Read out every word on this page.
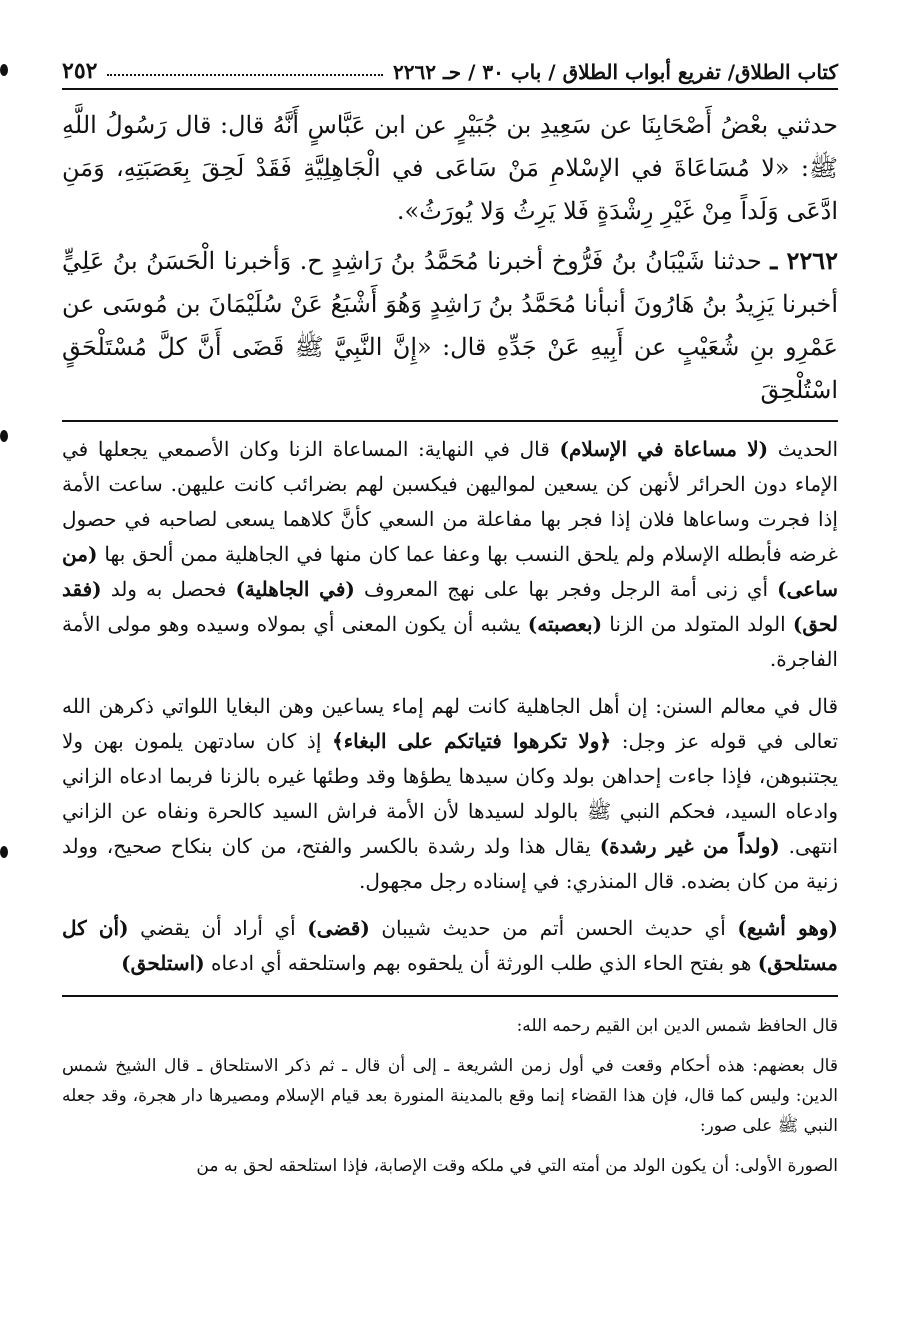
كتاب الطلاق/ تفريع أبواب الطلاق / باب ٣٠ / حـ ٢٢٦٢
٢٥٢

حدثني بعْضُ أَصْحَابِنَا عن سَعِيدِ بن جُبَيْرٍ عن ابن عَبَّاسٍ أَنَّهُ قال: قال رَسُولُ اللَّهِ ﷺ: «لا مُسَاعَاةَ في الإسْلامِ مَنْ سَاعَى في الْجَاهِلِيَّةِ فَقَدْ لَحِقَ بِعَصَبَتِهِ، وَمَنِ ادَّعَى وَلَداً مِنْ غَيْرِ رِشْدَةٍ فَلا يَرِثُ وَلا يُورَثُ».

٢٢٦٢ ـ حدثنا شَيْبَانُ بنُ فَرُّوخ أخبرنا مُحَمَّدُ بنُ رَاشِدٍ ح. وَأخبرنا الْحَسَنُ بنُ عَلِيٍّ أخبرنا يَزِيدُ بنُ هَارُونَ أنبأنا مُحَمَّدُ بنُ رَاشِدٍ وَهُوَ أَشْبَعُ عَنْ سُلَيْمَانَ بن مُوسَى عن عَمْرِو بنِ شُعَيْبٍ عن أَبِيهِ عَنْ جَدِّهِ قال: «إِنَّ النَّبِيَّ ﷺ قَضَى أَنَّ كلَّ مُسْتَلْحَقٍ اسْتُلْحِقَ

الحديث (لا مساعاة في الإسلام) قال في النهاية: المساعاة الزنا وكان الأصمعي يجعلها في الإماء دون الحرائر لأنهن كن يسعين لمواليهن فيكسبن لهم بضرائب كانت عليهن. ساعت الأمة إذا فجرت وساعاها فلان إذا فجر بها مفاعلة من السعي كأنَّ كلاهما يسعى لصاحبه في حصول غرضه فأبطله الإسلام ولم يلحق النسب بها وعفا عما كان منها في الجاهلية ممن ألحق بها (من ساعى) أي زنى أمة الرجل وفجر بها على نهج المعروف (في الجاهلية) فحصل به ولد (فقد لحق) الولد المتولد من الزنا (بعصبته) يشبه أن يكون المعنى أي بمولاه وسيده وهو مولى الأمة الفاجرة.

قال في معالم السنن: إن أهل الجاهلية كانت لهم إماء يساعين وهن البغايا اللواتي ذكرهن الله تعالى في قوله عز وجل: ﴿ولا تكرهوا فتياتكم على البغاء﴾ إذ كان سادتهن يلمون بهن ولا يجتنبوهن، فإذا جاءت إحداهن بولد وكان سيدها يطؤها وقد وطئها غيره بالزنا فربما ادعاه الزاني وادعاه السيد، فحكم النبي ﷺ بالولد لسيدها لأن الأمة فراش السيد كالحرة ونفاه عن الزاني انتهى. (ولداً من غير رشدة) يقال هذا ولد رشدة بالكسر والفتح، من كان بنكاح صحيح، وولد زنية من كان بضده. قال المنذري: في إسناده رجل مجهول.

(وهو أشبع) أي حديث الحسن أتم من حديث شيبان (قضى) أي أراد أن يقضي (أن كل مستلحق) هو بفتح الحاء الذي طلب الورثة أن يلحقوه بهم واستلحقه أي ادعاه (استلحق)

قال الحافظ شمس الدين ابن القيم رحمه الله:

قال بعضهم: هذه أحكام وقعت في أول زمن الشريعة ـ إلى أن قال ـ ثم ذكر الاستلحاق ـ قال الشيخ شمس الدين: وليس كما قال، فإن هذا القضاء إنما وقع بالمدينة المنورة بعد قيام الإسلام ومصيرها دار هجرة، وقد جعله النبي ﷺ على صور:

الصورة الأولى: أن يكون الولد من أمته التي في ملكه وقت الإصابة، فإذا استلحقه لحق به من
